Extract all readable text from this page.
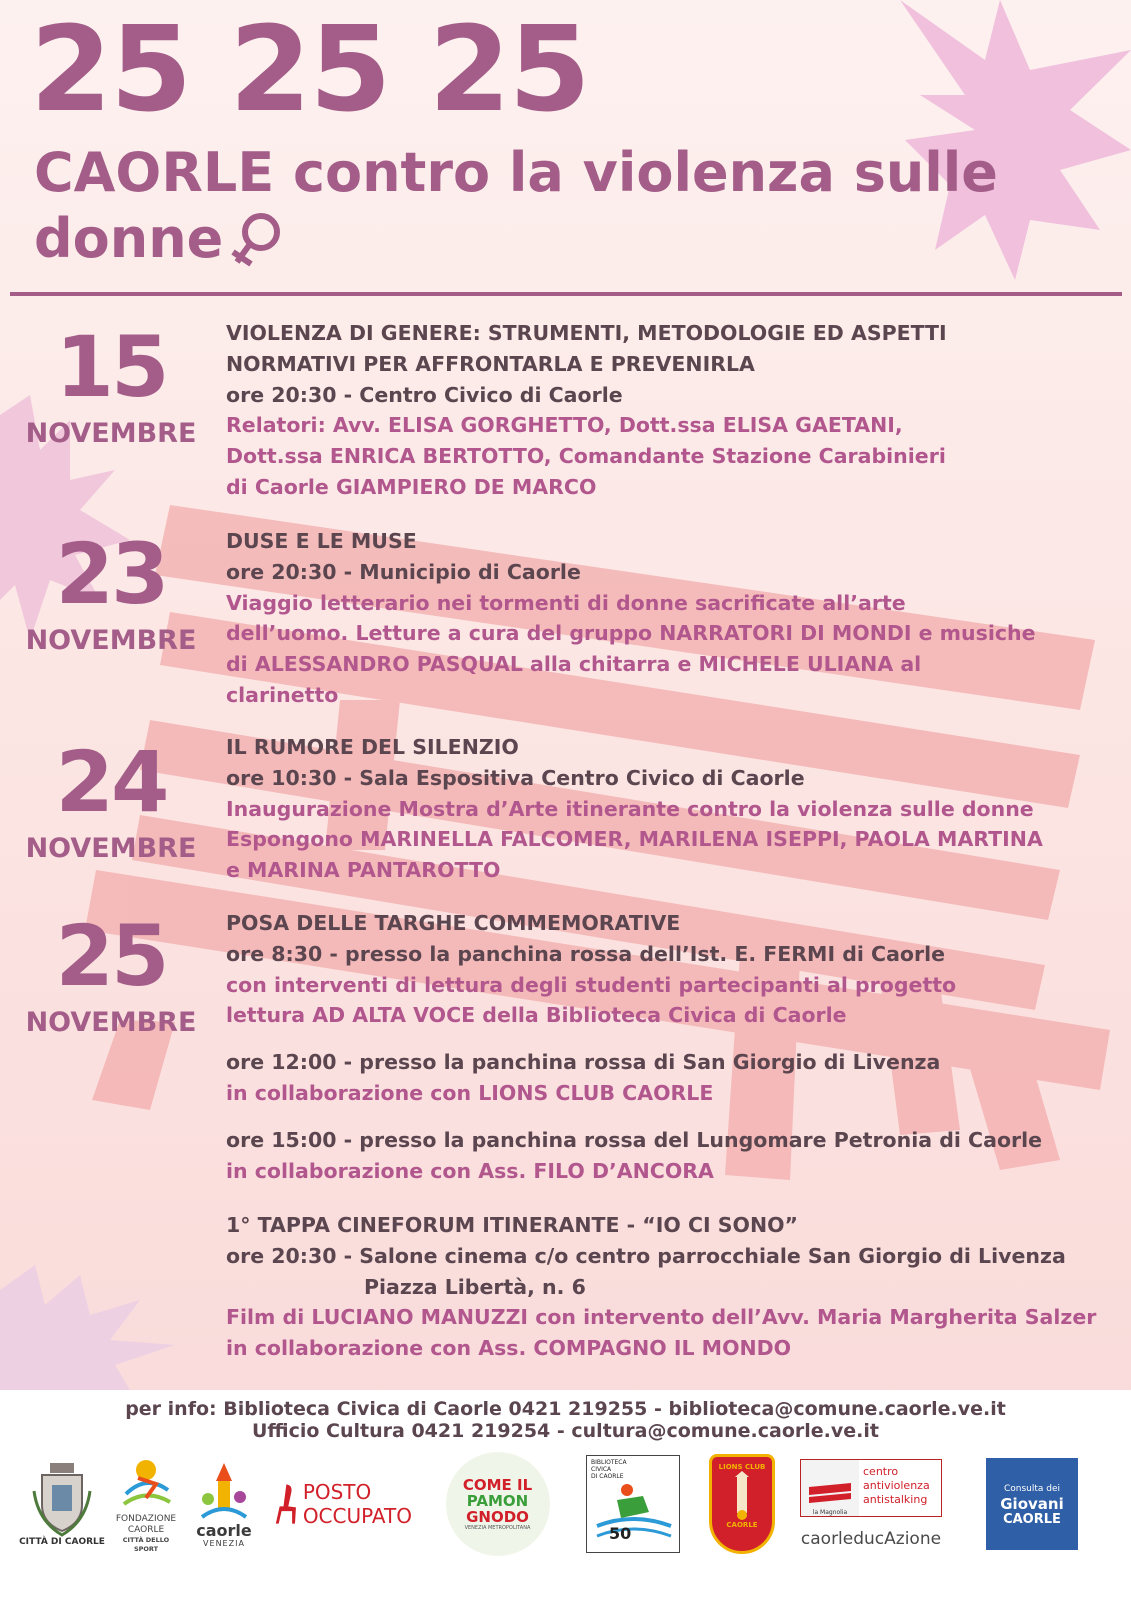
25 25 25
CAORLE contro la violenza sulle donne
15
NOVEMBRE
VIOLENZA DI GENERE: STRUMENTI, METODOLOGIE ED ASPETTI
NORMATIVI PER AFFRONTARLA E PREVENIRLA
ore 20:30 - Centro Civico di Caorle
Relatori: Avv. ELISA GORGHETTO, Dott.ssa ELISA GAETANI,
Dott.ssa ENRICA BERTOTTO, Comandante Stazione Carabinieri
di Caorle GIAMPIERO DE MARCO
23
NOVEMBRE
DUSE E LE MUSE
ore 20:30 - Municipio di Caorle
Viaggio letterario nei tormenti di donne sacrificate all’arte
dell’uomo. Letture a cura del gruppo NARRATORI DI MONDI e musiche
di ALESSANDRO PASQUAL alla chitarra e MICHELE ULIANA al
clarinetto
24
NOVEMBRE
IL RUMORE DEL SILENZIO
ore 10:30 - Sala Espositiva Centro Civico di Caorle
Inaugurazione Mostra d’Arte itinerante contro la violenza sulle donne
Espongono MARINELLA FALCOMER, MARILENA ISEPPI, PAOLA MARTINA
e MARINA PANTAROTTO
25
NOVEMBRE
POSA DELLE TARGHE COMMEMORATIVE
ore 8:30 - presso la panchina rossa dell’Ist. E. FERMI di Caorle
con interventi di lettura degli studenti partecipanti al progetto
lettura AD ALTA VOCE della Biblioteca Civica di Caorle
ore 12:00 - presso la panchina rossa di San Giorgio di Livenza
in collaborazione con LIONS CLUB CAORLE
ore 15:00 - presso la panchina rossa del Lungomare Petronia di Caorle
in collaborazione con Ass. FILO D’ANCORA
1° TAPPA CINEFORUM ITINERANTE - “IO CI SONO”
ore 20:30 - Salone cinema c/o centro parrocchiale San Giorgio di Livenza
Piazza Libertà, n. 6
Film di LUCIANO MANUZZI con intervento dell’Avv. Maria Margherita Salzer
in collaborazione con Ass. COMPAGNO IL MONDO
per info: Biblioteca Civica di Caorle 0421 219255 - biblioteca@comune.caorle.ve.it
Ufficio Cultura 0421 219254 - cultura@comune.caorle.ve.it
CITTÀ DI CAORLE
FONDAZIONE
CAORLE
CITTÀ DELLO SPORT
caorle
VENEZIA
POSTO
OCCUPATO
COME IL
PAMON
GNODO
VENEZIA METROPOLITANA
BIBLIOTECA
CIVICA
DI CAORLE
50
LIONS CLUB
CAORLE
la Magnolia
centro
antiviolenza
antistalking
caorleducAzione
Consulta dei
Giovani
CAORLE
